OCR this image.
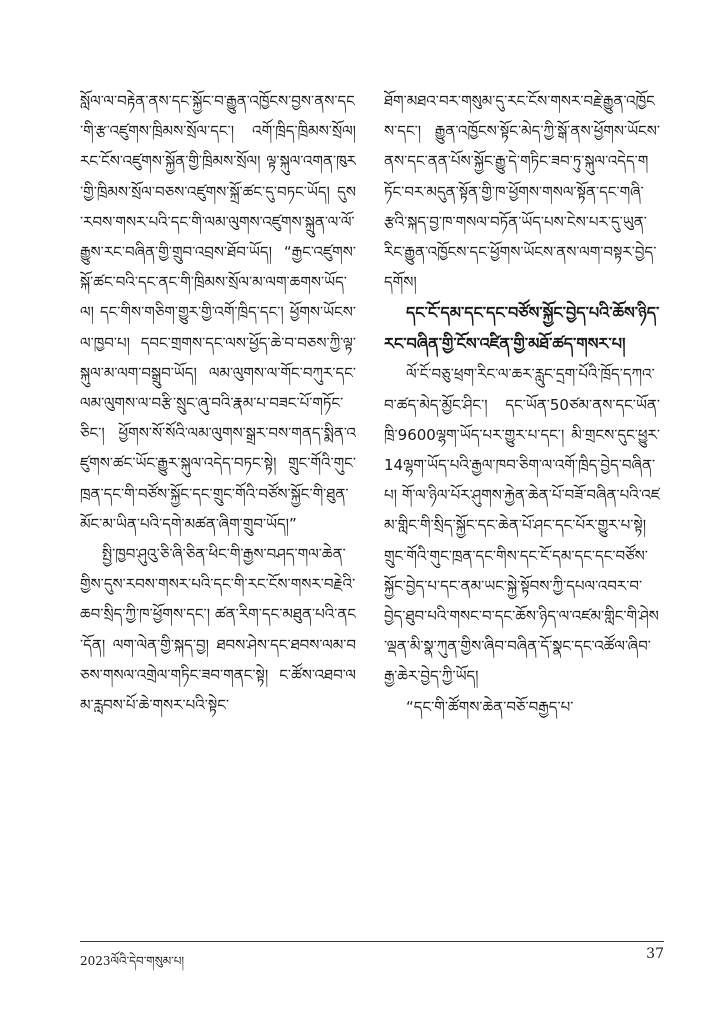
སློལ་ལ་བརྟེན་ནས་དང་སྐྱོང་བ་རྒྱུན་འཁྱོངས་བྱས་ནས་དང་གི་རྩ་འཛུགས་ཁྲིམས་སྲོལ་དང་། འགོ་ཁྲིད་ཁྲིམས་སྲོལ། རང་ངོས་འཛུགས་སྐྱོན་གྱི་ཁྲིམས་སྲོལ། ལྟ་སྐུལ་འགན་ཁུར་གྱི་ཁྲིམས་སྲོལ་བཅས་འཛུགས་སྐྲོ་ཚང་དུ་བཏང་ཡོད། དུས་རབས་གསར་པའི་དང་གི་ལམ་ལུགས་འཛུགས་སྐྲུན་ལ་ལོ་རྒྱུས་རང་བཞིན་གྱི་གྲུབ་འབྲས་ཐོབ་ཡོད། “རྒྱང་འཛུགས་སྐོ་ཚང་བའི་དང་ནང་གི་ཁྲིམས་སྲོལ་མ་ལག་ཆགས་ཡོད་ལ། དང་གིས་གཅིག་གྱུར་གྱི་འགོ་ཁྲིད་དང་། ཕྱོགས་ཡོངས་ལ་ཁྱབ་པ། དབང་གྲགས་དང་ལས་ཕྱོད་ཆེ་བ་བཅས་ཀྱི་ལྟ་སྐུལ་མ་ལག་བསྒྲུབ་ཡོད། ལམ་ལུགས་ལ་གོང་བཀུར་དང་ལམ་ལུགས་ལ་བརྩི་སྲུང་ཞུ་བའི་རྣམ་པ་བཟང་པོ་གཏོང་ཅིང་། ཕྱོགས་སོ་སོའི་ལམ་ལུགས་སྒྲར་བས་གནད་སྨིན་འཛུགས་ཚང་ཡོང་རྒྱུར་སྐུལ་འདེད་བཏང་སྟེ། གྲུང་གོའི་གུང་ཁྲན་དང་གི་བཙོས་སྐྱོང་དང་གྲུང་གོའི་བཙོས་སྐྱོང་གི་ཐུན་མོང་མ་ཡིན་པའི་དགེ་མཚན་ཞིག་གྲུབ་ཡོད།”

སྤྱི་ཁྱབ་ཤུའུ་ཅི་ཞི་ཅིན་ཕིང་གི་རྒྱས་བཤད་གལ་ཆེན་གྱིས་དུས་རབས་གསར་པའི་དང་གི་རང་ངོས་གསར་བརྗེའི་ཆབ་སྲིད་ཀྱི་ཁ་ཕྱོགས་དང་། ཚན་རིག་དང་མཐུན་པའི་ནང་དོན། ལག་ལེན་གྱི་སྐད་བྱ། ཐབས་ཤེས་དང་ཐབས་ལམ་བཅས་གསལ་འགྲེལ་གཏིང་ཟབ་གནང་སྟེ། ང་ཚོས་འཐབ་ལམ་རླབས་པོ་ཆེ་གསར་པའི་སྟེང་

ཐོག་མཐའ་བར་གསུམ་དུ་རང་ངོས་གསར་བརྗེ་རྒྱུན་འཁྱོངས་དང་། རྒྱུན་འཁྱོངས་སྟོང་མེད་ཀྱི་སྒོ་ནས་ཕྱོགས་ཡོངས་ནས་དང་ནན་པོས་སྐྱོང་རྒྱུ་དེ་གཏིང་ཟབ་ཏུ་སྐུལ་འདེད་གཏོང་བར་མདུན་སྟོན་གྱི་ཁ་ཕྱོགས་གསལ་སྟོན་དང་གཞི་རྩའི་སྐད་བྱ་ཁ་གསལ་བཏོན་ཡོད་པས་ངེས་པར་དུ་ཡུན་རིང་རྒྱུན་འཁྱོངས་དང་ཕྱོགས་ཡོངས་ནས་ལག་བསྟར་བྱེད་དགོས།

དང་ངོ་དམ་དང་དང་བཙོས་སྐྱོང་བྱེད་པའི་ཆོས་ཉིད་རང་བཞིན་གྱི་ངོས་འཛིན་གྱི་མཐོ་ཚད་གསར་པ།

ལོ་ངོ་བཅུ་ཕྲག་རིང་ལ་ཆར་རླུང་དྲག་པོའི་ཁྲོད་དཀའ་བ་ཚད་མེད་མྱོང་ཤིང་། དང་ཡོན་50ཙམ་ནས་དང་ཡོན་ཁྲི་9600ལྷག་ཡོད་པར་གྱུར་པ་དང་། མི་གྲངས་དུང་ཕྱུར་14ལྷག་ཡོད་པའི་རྒྱལ་ཁབ་ཅིག་ལ་འགོ་ཁྲིད་བྱེད་བཞིན་པ། གོ་ལ་ཉིལ་པོར་ཤུགས་རྐྱེན་ཆེན་པོ་བཟོ་བཞིན་པའི་འཛམ་གླིང་གི་སྲིད་སྐྱོང་དང་ཆེན་པོ་ཤང་དང་པོར་གྱུར་པ་སྟེ། གྲུང་གོའི་གུང་ཁྲན་དང་གིས་དང་ངོ་དམ་དང་དང་བཙོས་སྐྱོང་བྱེད་པ་དང་ནམ་ཡང་སྐྱེ་སྟོབས་ཀྱི་དཔལ་འབར་བ་བྱེད་ཐུབ་པའི་གསང་བ་དང་ཆོས་ཉིད་ལ་འཛམ་གླིང་གི་ཤེས་ལྡན་མི་སྣ་ཀུན་གྱིས་ཞིབ་བཞིན་དོ་སྣང་དང་འཚོལ་ཞིབ་རྒྱ་ཆེར་བྱེད་ཀྱི་ཡོད།

“དང་གི་ཚོགས་ཆེན་བཅོ་བརྒྱད་པ་

2023ལོའི་དེབ་གསུམ་པ།	37
